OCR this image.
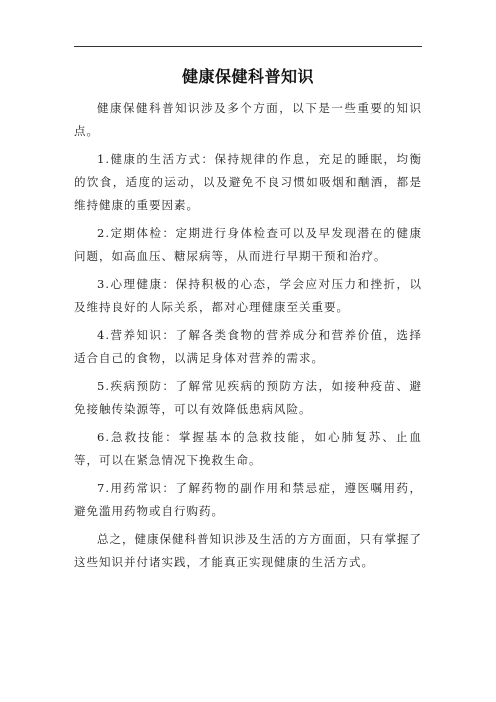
健康保健科普知识

健康保健科普知识涉及多个方面，以下是一些重要的知识点。

1.健康的生活方式：保持规律的作息，充足的睡眠，均衡的饮食，适度的运动，以及避免不良习惯如吸烟和酗酒，都是维持健康的重要因素。

2.定期体检：定期进行身体检查可以及早发现潜在的健康问题，如高血压、糖尿病等，从而进行早期干预和治疗。

3.心理健康：保持积极的心态，学会应对压力和挫折，以及维持良好的人际关系，都对心理健康至关重要。

4.营养知识：了解各类食物的营养成分和营养价值，选择适合自己的食物，以满足身体对营养的需求。

5.疾病预防：了解常见疾病的预防方法，如接种疫苗、避免接触传染源等，可以有效降低患病风险。

6.急救技能：掌握基本的急救技能，如心肺复苏、止血等，可以在紧急情况下挽救生命。

7.用药常识：了解药物的副作用和禁忌症，遵医嘱用药，避免滥用药物或自行购药。

总之，健康保健科普知识涉及生活的方方面面，只有掌握了这些知识并付诸实践，才能真正实现健康的生活方式。
